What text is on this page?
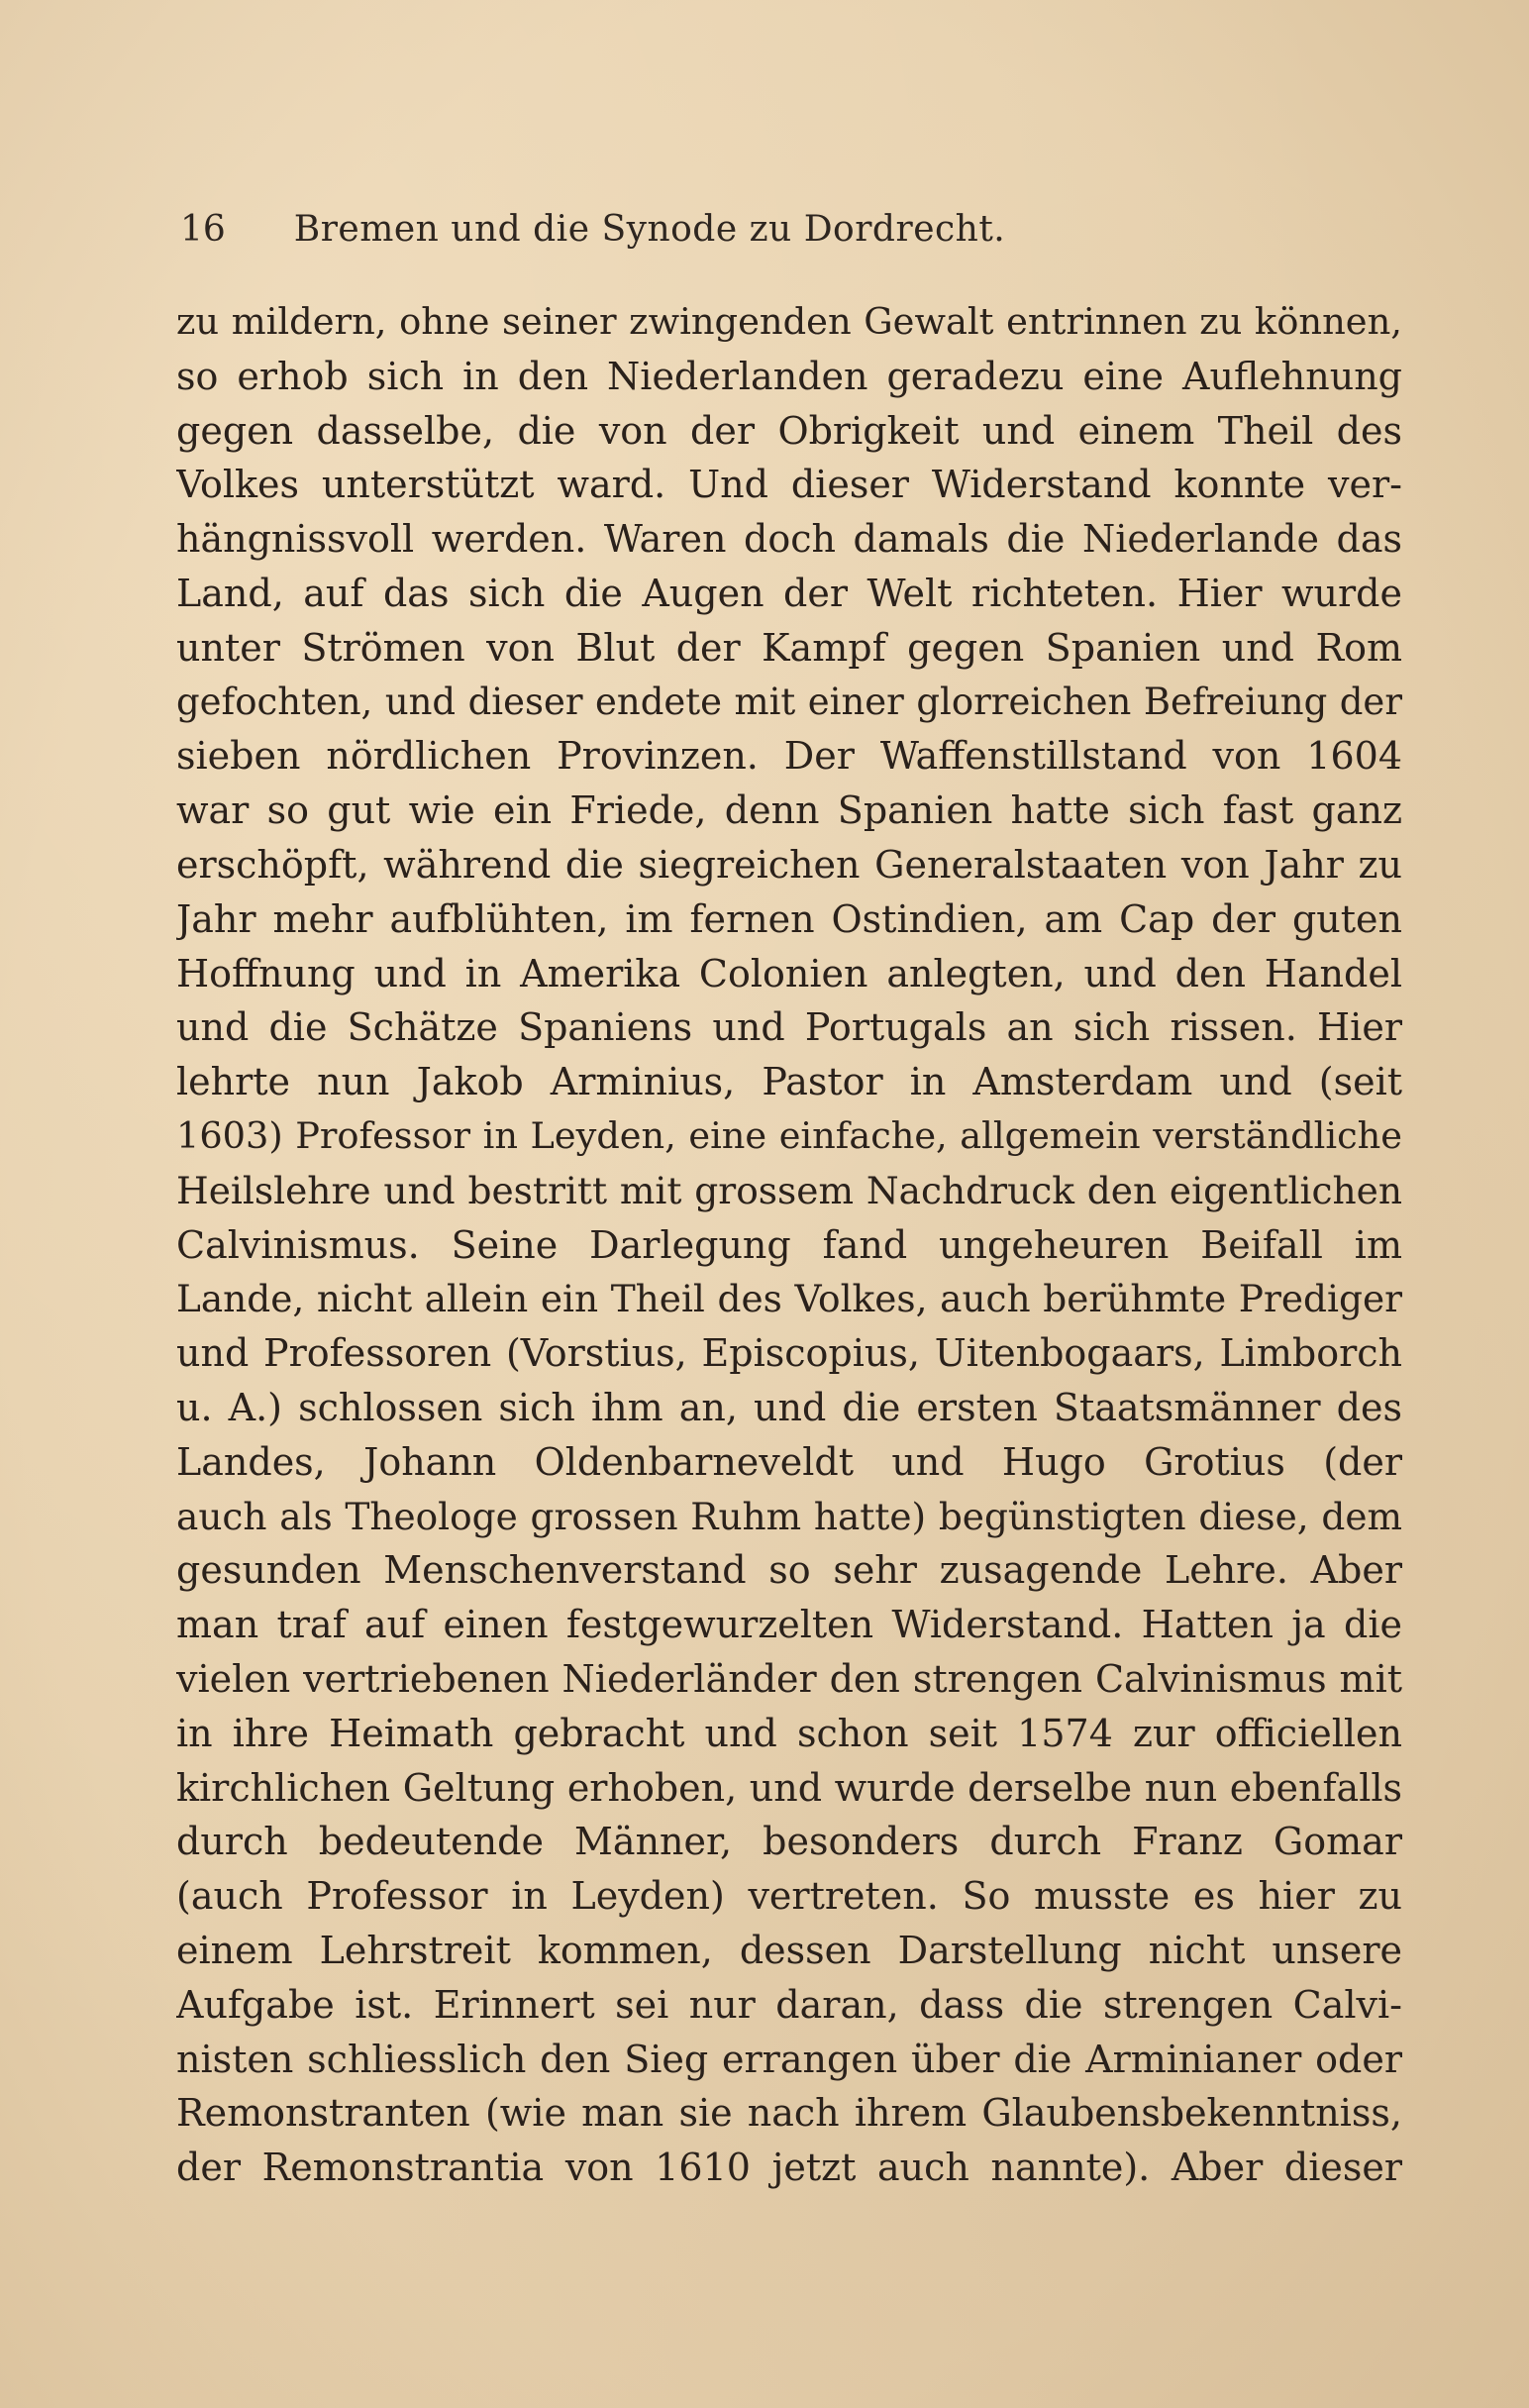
16	Bremen und die Synode zu Dordrecht.
zu mildern, ohne seiner zwingenden Gewalt entrinnen zu können,
so erhob sich in den Niederlanden geradezu eine Auflehnung
gegen dasselbe, die von der Obrigkeit und einem Theil des
Volkes unterstützt ward. Und dieser Widerstand konnte ver-
hängnissvoll werden. Waren doch damals die Niederlande das
Land, auf das sich die Augen der Welt richteten. Hier wurde
unter Strömen von Blut der Kampf gegen Spanien und Rom
gefochten, und dieser endete mit einer glorreichen Befreiung der
sieben nördlichen Provinzen. Der Waffenstillstand von 1604
war so gut wie ein Friede, denn Spanien hatte sich fast ganz
erschöpft, während die siegreichen Generalstaaten von Jahr zu
Jahr mehr aufblühten, im fernen Ostindien, am Cap der guten
Hoffnung und in Amerika Colonien anlegten, und den Handel
und die Schätze Spaniens und Portugals an sich rissen. Hier
lehrte nun Jakob Arminius, Pastor in Amsterdam und (seit
1603) Professor in Leyden, eine einfache, allgemein verständliche
Heilslehre und bestritt mit grossem Nachdruck den eigentlichen
Calvinismus. Seine Darlegung fand ungeheuren Beifall im
Lande, nicht allein ein Theil des Volkes, auch berühmte Prediger
und Professoren (Vorstius, Episcopius, Uitenbogaars, Limborch
u. A.) schlossen sich ihm an, und die ersten Staatsmänner des
Landes, Johann Oldenbarneveldt und Hugo Grotius (der
auch als Theologe grossen Ruhm hatte) begünstigten diese, dem
gesunden Menschenverstand so sehr zusagende Lehre. Aber
man traf auf einen festgewurzelten Widerstand. Hatten ja die
vielen vertriebenen Niederländer den strengen Calvinismus mit
in ihre Heimath gebracht und schon seit 1574 zur officiellen
kirchlichen Geltung erhoben, und wurde derselbe nun ebenfalls
durch bedeutende Männer, besonders durch Franz Gomar
(auch Professor in Leyden) vertreten. So musste es hier zu
einem Lehrstreit kommen, dessen Darstellung nicht unsere
Aufgabe ist. Erinnert sei nur daran, dass die strengen Calvi-
nisten schliesslich den Sieg errangen über die Arminianer oder
Remonstranten (wie man sie nach ihrem Glaubensbekenntniss,
der Remonstrantia von 1610 jetzt auch nannte). Aber dieser
